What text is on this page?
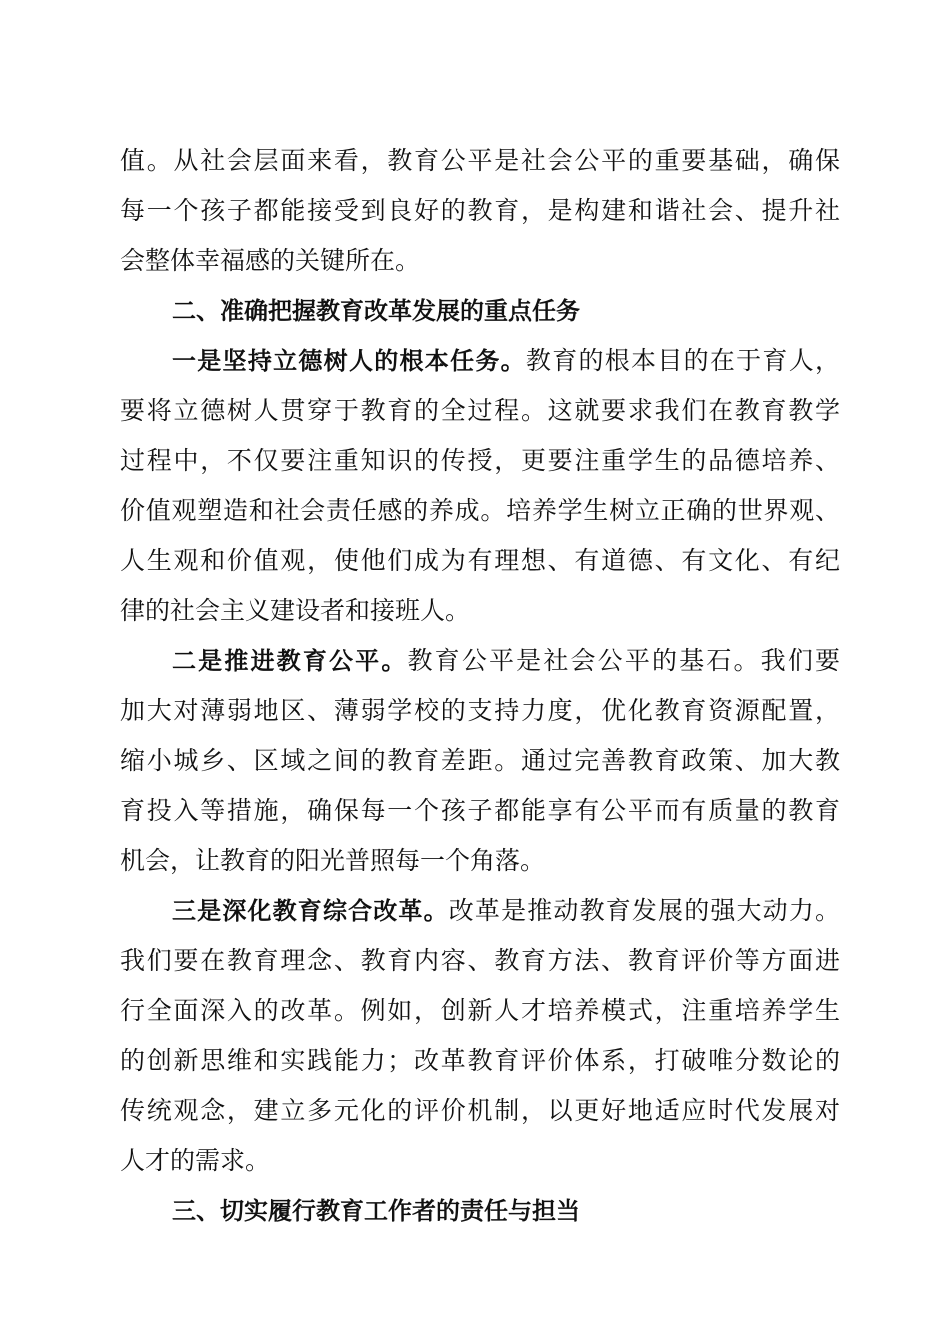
值。从社会层面来看，教育公平是社会公平的重要基础，确保
每一个孩子都能接受到良好的教育，是构建和谐社会、提升社
会整体幸福感的关键所在。
二、准确把握教育改革发展的重点任务
一是坚持立德树人的根本任务。教育的根本目的在于育人，
要将立德树人贯穿于教育的全过程。这就要求我们在教育教学
过程中，不仅要注重知识的传授，更要注重学生的品德培养、
价值观塑造和社会责任感的养成。培养学生树立正确的世界观、
人生观和价值观，使他们成为有理想、有道德、有文化、有纪
律的社会主义建设者和接班人。
二是推进教育公平。教育公平是社会公平的基石。我们要
加大对薄弱地区、薄弱学校的支持力度，优化教育资源配置，
缩小城乡、区域之间的教育差距。通过完善教育政策、加大教
育投入等措施，确保每一个孩子都能享有公平而有质量的教育
机会，让教育的阳光普照每一个角落。
三是深化教育综合改革。改革是推动教育发展的强大动力。
我们要在教育理念、教育内容、教育方法、教育评价等方面进
行全面深入的改革。例如，创新人才培养模式，注重培养学生
的创新思维和实践能力；改革教育评价体系，打破唯分数论的
传统观念，建立多元化的评价机制，以更好地适应时代发展对
人才的需求。
三、切实履行教育工作者的责任与担当
